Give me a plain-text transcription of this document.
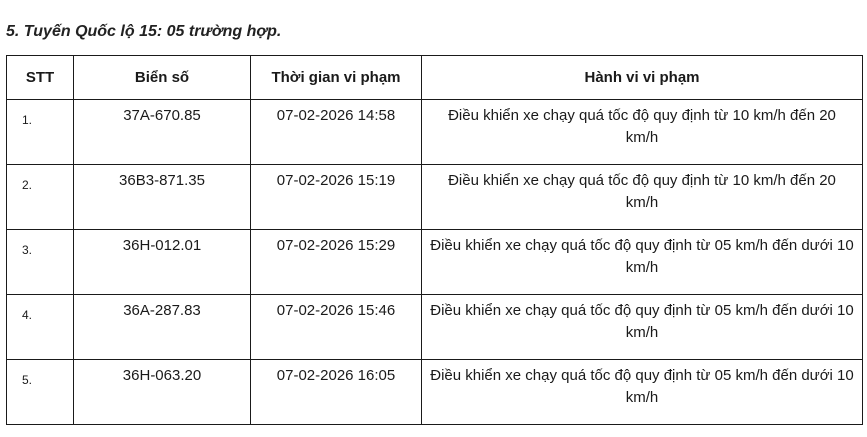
5. Tuyến Quốc lộ 15: 05 trường hợp.
STT	Biển số	Thời gian vi phạm	Hành vi vi phạm
1.	37A-670.85	07-02-2026 14:58	Điều khiển xe chạy quá tốc độ quy định từ 10 km/h đến 20 km/h
2.	36B3-871.35	07-02-2026 15:19	Điều khiển xe chạy quá tốc độ quy định từ 10 km/h đến 20 km/h
3.	36H-012.01	07-02-2026 15:29	Điều khiển xe chạy quá tốc độ quy định từ 05 km/h đến dưới 10 km/h
4.	36A-287.83	07-02-2026 15:46	Điều khiển xe chạy quá tốc độ quy định từ 05 km/h đến dưới 10 km/h
5.	36H-063.20	07-02-2026 16:05	Điều khiển xe chạy quá tốc độ quy định từ 05 km/h đến dưới 10 km/h
